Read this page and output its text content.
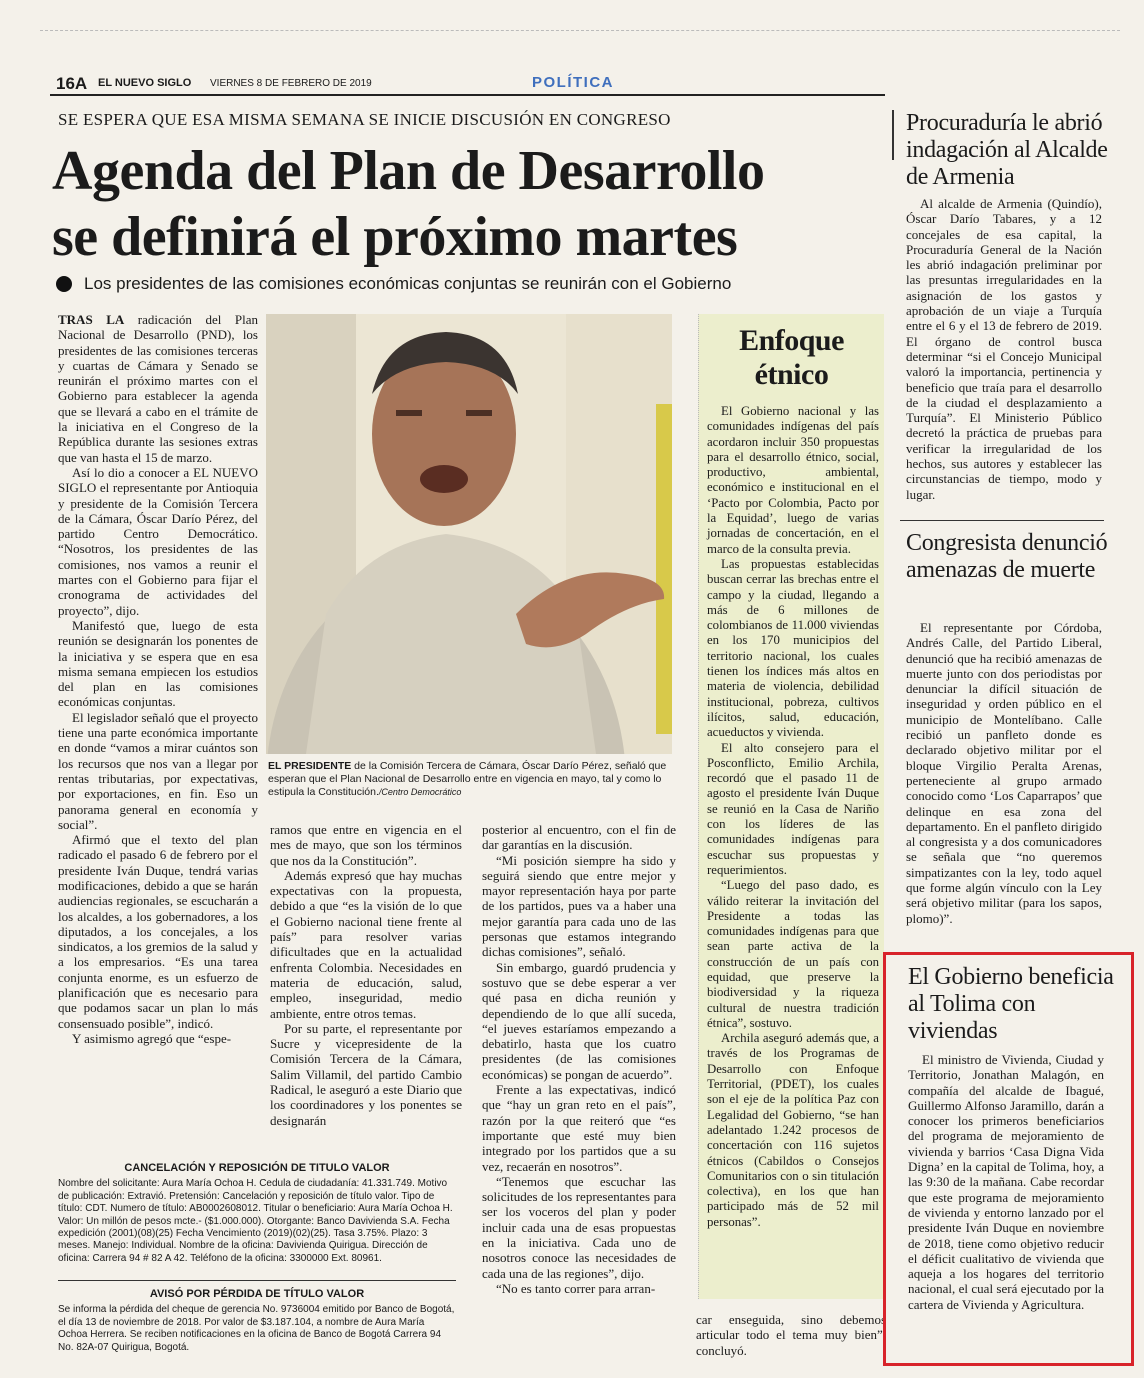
16A EL NUEVO SIGLO VIERNES 8 DE FEBRERO DE 2019	POLÍTICA
SE ESPERA QUE ESA MISMA SEMANA SE INICIE DISCUSIÓN EN CONGRESO
Agenda del Plan de Desarrollo
se definirá el próximo martes
Los presidentes de las comisiones económicas conjuntas se reunirán con el Gobierno

TRAS LA radicación del Plan Nacional de Desarrollo (PND), los presidentes de las comisiones terceras y cuartas de Cámara y Senado se reunirán el próximo martes con el Gobierno para establecer la agenda que se llevará a cabo en el trámite de la iniciativa en el Congreso de la República durante las sesiones extras que van hasta el 15 de marzo.

Así lo dio a conocer a EL NUEVO SIGLO el representante por Antioquia y presidente de la Comisión Tercera de la Cámara, Óscar Darío Pérez, del partido Centro Democrático. “Nosotros, los presidentes de las comisiones, nos vamos a reunir el martes con el Gobierno para fijar el cronograma de actividades del proyecto”, dijo.

Manifestó que, luego de esta reunión se designarán los ponentes de la iniciativa y se espera que en esa misma semana empiecen los estudios del plan en las comisiones económicas conjuntas.

El legislador señaló que el proyecto tiene una parte económica importante en donde “vamos a mirar cuántos son los recursos que nos van a llegar por rentas tributarias, por expectativas, por exportaciones, en fin. Eso un panorama general en economía y social”.

Afirmó que el texto del plan radicado el pasado 6 de febrero por el presidente Iván Duque, tendrá varias modificaciones, debido a que se harán audiencias regionales, se escucharán a los alcaldes, a los gobernadores, a los diputados, a los concejales, a los sindicatos, a los gremios de la salud y a los empresarios. “Es una tarea conjunta enorme, es un esfuerzo de planificación que es necesario para que podamos sacar un plan lo más consensuado posible”, indicó.

Y asimismo agregó que “espe-

EL PRESIDENTE de la Comisión Tercera de Cámara, Óscar Darío Pérez, señaló que esperan que el Plan Nacional de Desarrollo entre en vigencia en mayo, tal y como lo estipula la Constitución./Centro Democrático

ramos que entre en vigencia en el mes de mayo, que son los términos que nos da la Constitución”.

Además expresó que hay muchas expectativas con la propuesta, debido a que “es la visión de lo que el Gobierno nacional tiene frente al país” para resolver varias dificultades que en la actualidad enfrenta Colombia. Necesidades en materia de educación, salud, empleo, inseguridad, medio ambiente, entre otros temas.

Por su parte, el representante por Sucre y vicepresidente de la Comisión Tercera de la Cámara, Salim Villamil, del partido Cambio Radical, le aseguró a este Diario que los coordinadores y los ponentes se designarán

posterior al encuentro, con el fin de dar garantías en la discusión.

“Mi posición siempre ha sido y seguirá siendo que entre mejor y mayor representación haya por parte de los partidos, pues va a haber una mejor garantía para cada uno de las personas que estamos integrando dichas comisiones”, señaló.

Sin embargo, guardó prudencia y sostuvo que se debe esperar a ver qué pasa en dicha reunión y dependiendo de lo que allí suceda, “el jueves estaríamos empezando a debatirlo, hasta que los cuatro presidentes (de las comisiones económicas) se pongan de acuerdo”.

Frente a las expectativas, indicó que “hay un gran reto en el país”, razón por la que reiteró que “es importante que esté muy bien integrado por los partidos que a su vez, recaerán en nosotros”.

“Tenemos que escuchar las solicitudes de los representantes para ser los voceros del plan y poder incluir cada una de esas propuestas en la iniciativa. Cada uno de nosotros conoce las necesidades de cada una de las regiones”, dijo.

“No es tanto correr para arran-

car enseguida, sino debemos articular todo el tema muy bien”, concluyó.

Enfoque
étnico

El Gobierno nacional y las comunidades indígenas del país acordaron incluir 350 propuestas para el desarrollo étnico, social, productivo, ambiental, económico e institucional en el ‘Pacto por Colombia, Pacto por la Equidad’, luego de varias jornadas de concertación, en el marco de la consulta previa.

Las propuestas establecidas buscan cerrar las brechas entre el campo y la ciudad, llegando a más de 6 millones de colombianos de 11.000 viviendas en los 170 municipios del territorio nacional, los cuales tienen los índices más altos en materia de violencia, debilidad institucional, pobreza, cultivos ilícitos, salud, educación, acueductos y vivienda.

El alto consejero para el Posconflicto, Emilio Archila, recordó que el pasado 11 de agosto el presidente Iván Duque se reunió en la Casa de Nariño con los líderes de las comunidades indígenas para escuchar sus propuestas y requerimientos.

“Luego del paso dado, es válido reiterar la invitación del Presidente a todas las comunidades indígenas para que sean parte activa de la construcción de un país con equidad, que preserve la biodiversidad y la riqueza cultural de nuestra tradición étnica”, sostuvo.

Archila aseguró además que, a través de los Programas de Desarrollo con Enfoque Territorial, (PDET), los cuales son el eje de la política Paz con Legalidad del Gobierno, “se han adelantado 1.242 procesos de concertación con 116 sujetos étnicos (Cabildos o Consejos Comunitarios con o sin titulación colectiva), en los que han participado más de 52 mil personas”.

Procuraduría le abrió indagación al Alcalde de Armenia
Al alcalde de Armenia (Quindío), Óscar Darío Tabares, y a 12 concejales de esa capital, la Procuraduría General de la Nación les abrió indagación preliminar por las presuntas irregularidades en la asignación de los gastos y aprobación de un viaje a Turquía entre el 6 y el 13 de febrero de 2019. El órgano de control busca determinar “si el Concejo Municipal valoró la importancia, pertinencia y beneficio que traía para el desarrollo de la ciudad el desplazamiento a Turquía”. El Ministerio Público decretó la práctica de pruebas para verificar la irregularidad de los hechos, sus autores y establecer las circunstancias de tiempo, modo y lugar.
Congresista denunció amenazas de muerte
El representante por Córdoba, Andrés Calle, del Partido Liberal, denunció que ha recibió amenazas de muerte junto con dos periodistas por denunciar la difícil situación de inseguridad y orden público en el municipio de Montelíbano. Calle recibió un panfleto donde es declarado objetivo militar por el bloque Virgilio Peralta Arenas, perteneciente al grupo armado conocido como ‘Los Caparrapos’ que delinque en esa zona del departamento. En el panfleto dirigido al congresista y a dos comunicadores se señala que “no queremos simpatizantes con la ley, todo aquel que forme algún vínculo con la Ley será objetivo militar (para los sapos, plomo)”.
El Gobierno beneficia al Tolima con viviendas
El ministro de Vivienda, Ciudad y Territorio, Jonathan Malagón, en compañía del alcalde de Ibagué, Guillermo Alfonso Jaramillo, darán a conocer los primeros beneficiarios del programa de mejoramiento de vivienda y barrios ‘Casa Digna Vida Digna’ en la capital de Tolima, hoy, a las 9:30 de la mañana. Cabe recordar que este programa de mejoramiento de vivienda y entorno lanzado por el presidente Iván Duque en noviembre de 2018, tiene como objetivo reducir el déficit cualitativo de vivienda que aqueja a los hogares del territorio nacional, el cual será ejecutado por la cartera de Vivienda y Agricultura.
CANCELACIÓN Y REPOSICIÓN DE TITULO VALOR
Nombre del solicitante: Aura María Ochoa H. Cedula de ciudadanía: 41.331.749. Motivo de publicación: Extravió. Pretensión: Cancelación y reposición de título valor. Tipo de título: CDT. Numero de título: AB0002608012. Titular o beneficiario: Aura María Ochoa H. Valor: Un millón de pesos mcte.- ($1.000.000). Otorgante: Banco Davivienda S.A. Fecha expedición (2001)(08)(25) Fecha Vencimiento (2019)(02)(25). Tasa 3.75%. Plazo: 3 meses. Manejo: Individual. Nombre de la oficina: Davivienda Quirigua. Dirección de oficina: Carrera 94 # 82 A 42. Teléfono de la oficina: 3300000 Ext. 80961.
AVISÓ POR PÉRDIDA DE TÍTULO VALOR
Se informa la pérdida del cheque de gerencia No. 9736004 emitido por Banco de Bogotá, el día 13 de noviembre de 2018. Por valor de $3.187.104, a nombre de Aura María Ochoa Herrera. Se reciben notificaciones en la oficina de Banco de Bogotá Carrera 94 No. 82A-07 Quirigua, Bogotá.
